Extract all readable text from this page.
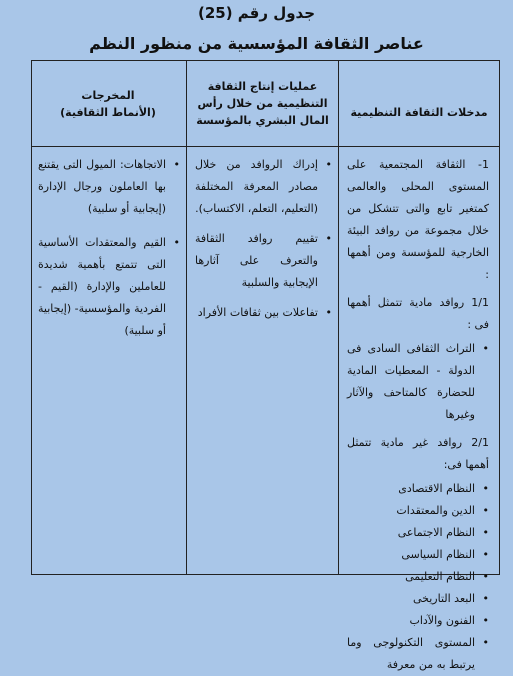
جدول رقم (25)
عناصر الثقافة المؤسسية من منظور النظم
مدخلات الثقافة التنظيمية
عمليات إنتاج الثقافة التنظيمية من خلال رأس المال البشري بالمؤسسة
المخرجات
(الأنماط الثقافية)

1- الثقافة المجتمعية على المستوى المحلى والعالمى كمتغير تابع والتى تتشكل من خلال مجموعة من روافد البيئة الخارجية للمؤسسة ومن أهمها :

1/1 روافد مادية تتمثل أهمها فى :
•
التراث الثقافى السادى فى الدولة - المعطيات المادية للحضارة كالمتاحف والآثار وغيرها
2/1 روافد غير مادية تتمثل أهمها فى:
•
النظام الاقتصادى
•
الدين والمعتقدات
•
النظام الاجتماعى
•
النظام السياسى
•
النظام التعليمى
•
البعد التاريخى
•
الفنون والآداب
•
المستوى التكنولوجى وما يرتبط به من معرفة
•
إدراك الروافد من خلال مصادر المعرفة المختلفة (التعليم، التعلم، الاكتساب).
•
تقييم روافد الثقافة والتعرف على آثارها الإيجابية والسلبية
•
تفاعلات بين ثقافات الأفراد
•
الاتجاهات: الميول التى يقتنع بها العاملون ورجال الإدارة (إيجابية أو سلبية)
•
القيم والمعتقدات الأساسية التى تتمتع بأهمية شديدة للعاملين والإدارة (القيم - الفردية والمؤسسية- (إيجابية أو سلبية)
